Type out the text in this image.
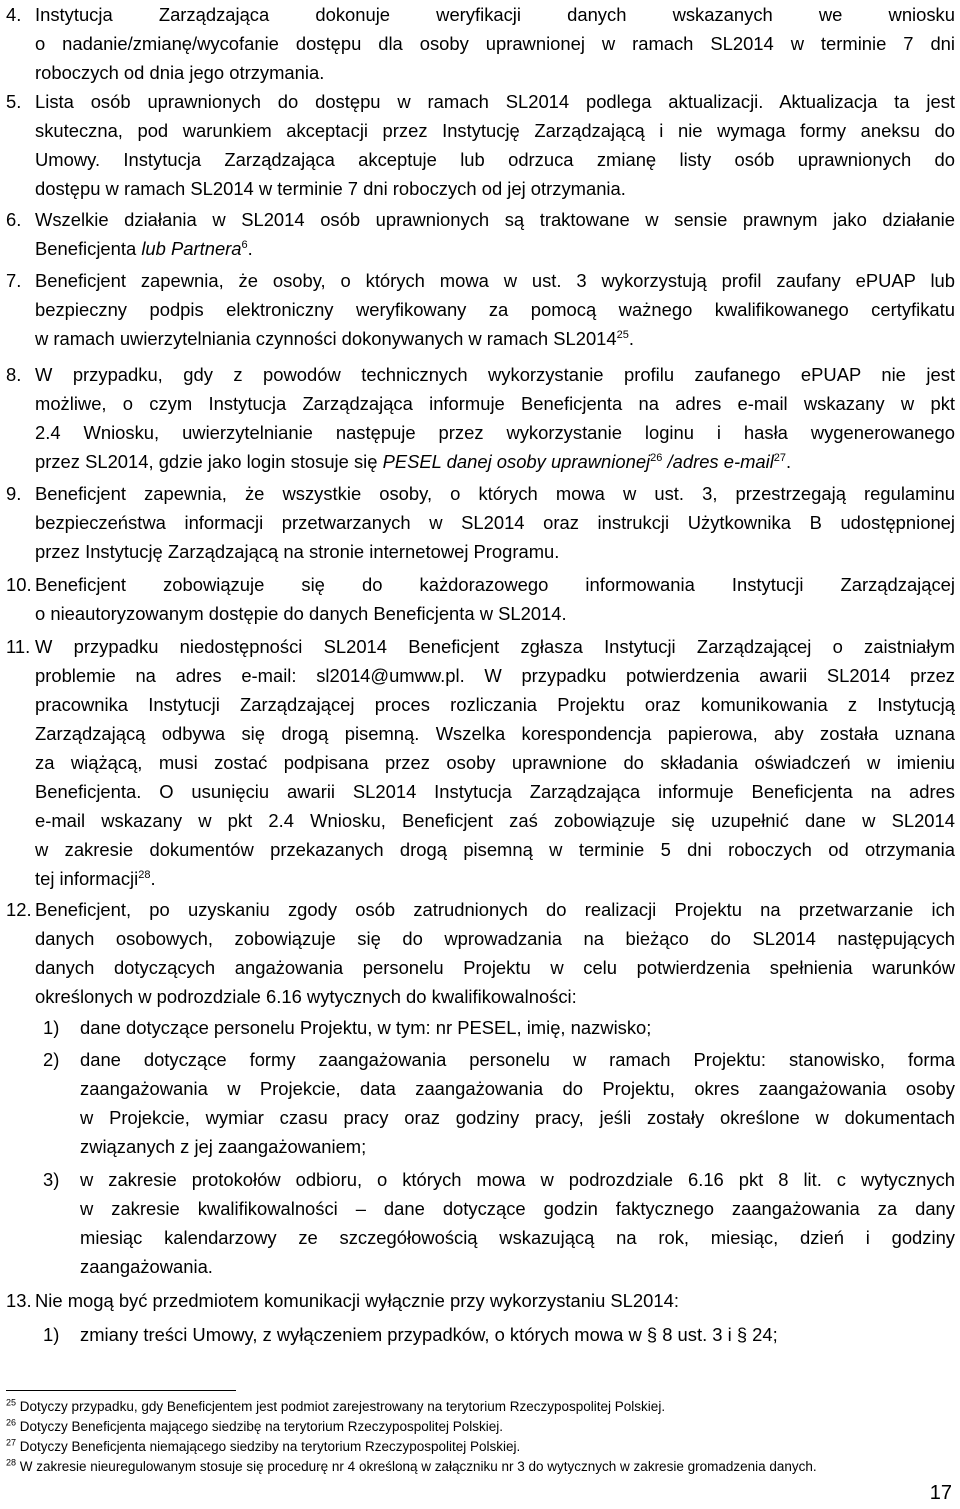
4. Instytucja Zarządzająca dokonuje weryfikacji danych wskazanych we wniosku
o nadanie/zmianę/wycofanie dostępu dla osoby uprawnionej w ramach SL2014 w terminie 7 dni
roboczych od dnia jego otrzymania.
5. Lista osób uprawnionych do dostępu w ramach SL2014 podlega aktualizacji. Aktualizacja ta jest
skuteczna, pod warunkiem akceptacji przez Instytucję Zarządzającą i nie wymaga formy aneksu do
Umowy. Instytucja Zarządzająca akceptuje lub odrzuca zmianę listy osób uprawnionych do
dostępu w ramach SL2014 w terminie 7 dni roboczych od jej otrzymania.
6. Wszelkie działania w SL2014 osób uprawnionych są traktowane w sensie prawnym jako działanie
Beneficjenta lub Partnera$^6$.
7. Beneficjent zapewnia, że osoby, o których mowa w ust. 3 wykorzystują profil zaufany ePUAP lub
bezpieczny podpis elektroniczny weryfikowany za pomocą ważnego kwalifikowanego certyfikatu
w ramach uwierzytelniania czynności dokonywanych w ramach SL2014$^{25}$.
8. W przypadku, gdy z powodów technicznych wykorzystanie profilu zaufanego ePUAP nie jest
możliwe, o czym Instytucja Zarządzająca informuje Beneficjenta na adres e-mail wskazany w pkt
2.4 Wniosku, uwierzytelnianie następuje przez wykorzystanie loginu i hasła wygenerowanego
przez SL2014, gdzie jako login stosuje się PESEL danej osoby uprawnionej$^{26}$ /adres e-mail$^{27}$.
9. Beneficjent zapewnia, że wszystkie osoby, o których mowa w ust. 3, przestrzegają regulaminu
bezpieczeństwa informacji przetwarzanych w SL2014 oraz instrukcji Użytkownika B udostępnionej
przez Instytucję Zarządzającą na stronie internetowej Programu.
10. Beneficjent zobowiązuje się do każdorazowego informowania Instytucji Zarządzającej
o nieautoryzowanym dostępie do danych Beneficjenta w SL2014.
11. W przypadku niedostępności SL2014 Beneficjent zgłasza Instytucji Zarządzającej o zaistniałym
problemie na adres e-mail: sl2014@umww.pl. W przypadku potwierdzenia awarii SL2014 przez
pracownika Instytucji Zarządzającej proces rozliczania Projektu oraz komunikowania z Instytucją
Zarządzającą odbywa się drogą pisemną. Wszelka korespondencja papierowa, aby została uznana
za wiążącą, musi zostać podpisana przez osoby uprawnione do składania oświadczeń w imieniu
Beneficjenta. O usunięciu awarii SL2014 Instytucja Zarządzająca informuje Beneficjenta na adres
e-mail wskazany w pkt 2.4 Wniosku, Beneficjent zaś zobowiązuje się uzupełnić dane w SL2014
w zakresie dokumentów przekazanych drogą pisemną w terminie 5 dni roboczych od otrzymania
tej informacji$^{28}$.
12. Beneficjent, po uzyskaniu zgody osób zatrudnionych do realizacji Projektu na przetwarzanie ich
danych osobowych, zobowiązuje się do wprowadzania na bieżąco do SL2014 następujących
danych dotyczących angażowania personelu Projektu w celu potwierdzenia spełnienia warunków
określonych w podrozdziale 6.16 wytycznych do kwalifikowalności:
1) dane dotyczące personelu Projektu, w tym: nr PESEL, imię, nazwisko;
2) dane dotyczące formy zaangażowania personelu w ramach Projektu: stanowisko, forma
zaangażowania w Projekcie, data zaangażowania do Projektu, okres zaangażowania osoby
w Projekcie, wymiar czasu pracy oraz godziny pracy, jeśli zostały określone w dokumentach
związanych z jej zaangażowaniem;
3) w zakresie protokołów odbioru, o których mowa w podrozdziale 6.16 pkt 8 lit. c wytycznych
w zakresie kwalifikowalności – dane dotyczące godzin faktycznego zaangażowania za dany
miesiąc kalendarzowy ze szczegółowością wskazującą na rok, miesiąc, dzień i godziny
zaangażowania.
13. Nie mogą być przedmiotem komunikacji wyłącznie przy wykorzystaniu SL2014:
1) zmiany treści Umowy, z wyłączeniem przypadków, o których mowa w § 8 ust. 3 i § 24;
$^{25}$ Dotyczy przypadku, gdy Beneficjentem jest podmiot zarejestrowany na terytorium Rzeczypospolitej Polskiej.
$^{26}$ Dotyczy Beneficjenta mającego siedzibę na terytorium Rzeczypospolitej Polskiej.
$^{27}$ Dotyczy Beneficjenta niemającego siedziby na terytorium Rzeczypospolitej Polskiej.
$^{28}$ W zakresie nieuregulowanym stosuje się procedurę nr 4 określoną w załączniku nr 3 do wytycznych w zakresie gromadzenia danych.
17
